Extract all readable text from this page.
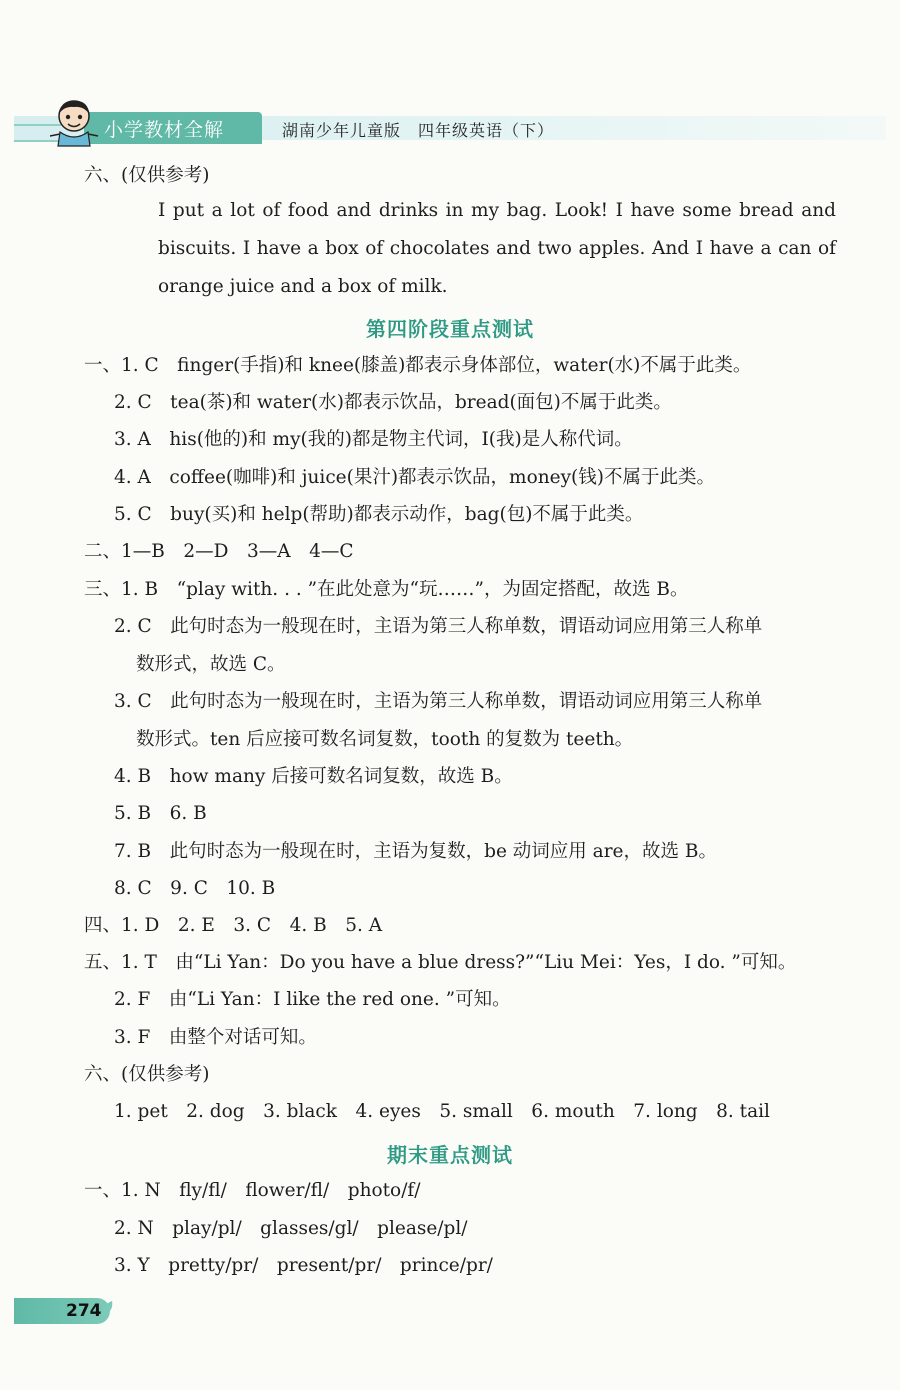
小学教材全解	湖南少年儿童版　四年级英语（下）
六、(仅供参考)
I put a lot of food and drinks in my bag. Look! I have some bread and biscuits. I have a box of chocolates and two apples. And I have a can of orange juice and a box of milk.
第四阶段重点测试
一、1. C　finger(手指)和 knee(膝盖)都表示身体部位，water(水)不属于此类。
2. C　tea(茶)和 water(水)都表示饮品，bread(面包)不属于此类。
3. A　his(他的)和 my(我的)都是物主代词，I(我)是人称代词。
4. A　coffee(咖啡)和 juice(果汁)都表示饮品，money(钱)不属于此类。
5. C　buy(买)和 help(帮助)都表示动作，bag(包)不属于此类。
二、1—B　2—D　3—A　4—C
三、1. B　“play with. . . ”在此处意为“玩……”，为固定搭配，故选 B。
2. C　此句时态为一般现在时，主语为第三人称单数，谓语动词应用第三人称单
数形式，故选 C。
3. C　此句时态为一般现在时，主语为第三人称单数，谓语动词应用第三人称单
数形式。ten 后应接可数名词复数，tooth 的复数为 teeth。
4. B　how many 后接可数名词复数，故选 B。
5. B　6. B
7. B　此句时态为一般现在时，主语为复数，be 动词应用 are，故选 B。
8. C　9. C　10. B
四、1. D　2. E　3. C　4. B　5. A
五、1. T　由“Li Yan：Do you have a blue dress?”“Liu Mei：Yes，I do. ”可知。
2. F　由“Li Yan：I like the red one. ”可知。
3. F　由整个对话可知。
六、(仅供参考)
1. pet　2. dog　3. black　4. eyes　5. small　6. mouth　7. long　8. tail
期末重点测试
一、1. N　fly/fl/　flower/fl/　photo/f/
2. N　play/pl/　glasses/gl/　please/pl/
3. Y　pretty/pr/　present/pr/　prince/pr/
274
